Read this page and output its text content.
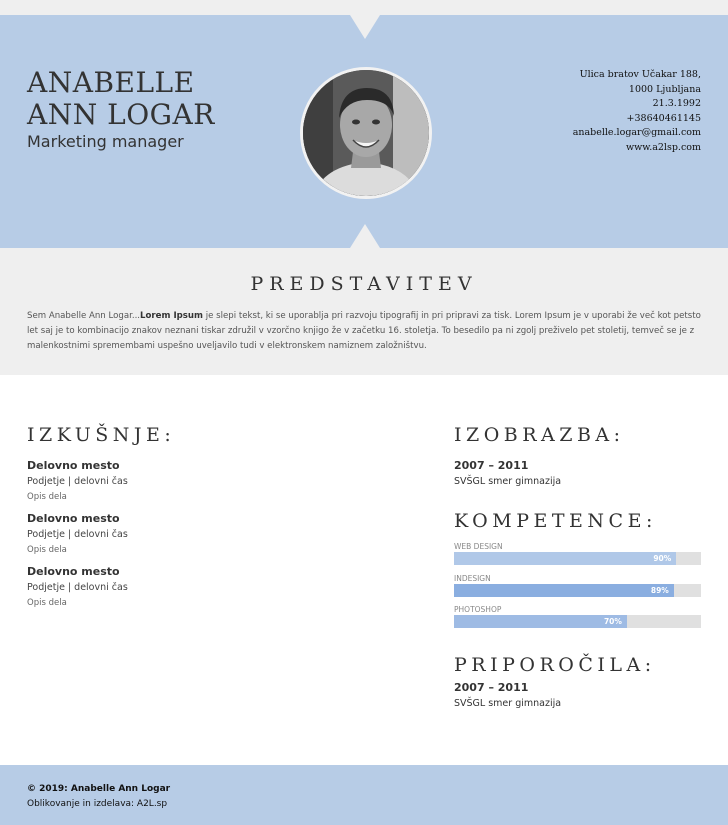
ANABELLE
ANN LOGAR
Marketing manager
Ulica bratov Učakar 188,
1000 Ljubljana
21.3.1992
+38640461145
anabelle.logar@gmail.com
www.a2lsp.com
PREDSTAVITEV
Sem Anabelle Ann Logar...Lorem Ipsum je slepi tekst, ki se uporablja pri razvoju tipografij in pri pripravi za tisk. Lorem Ipsum je v uporabi že več kot petsto let saj je to kombinacijo znakov neznani tiskar združil v vzorčno knjigo že v začetku 16. stoletja. To besedilo pa ni zgolj preživelo pet stoletij, temveč se je z malenkostnimi spremembami uspešno uveljavilo tudi v elektronskem namiznem založništvu.
IZKUŠNJE:
Delovno mesto
Podjetje | delovni čas
Opis dela
Delovno mesto
Podjetje | delovni čas
Opis dela
Delovno mesto
Podjetje | delovni čas
Opis dela
IZOBRAZBA:
2007 – 2011
SVŠGL smer gimnazija
KOMPETENCE:
WEB DESIGN
90%
INDESIGN
89%
PHOTOSHOP
70%
PRIPOROČILA:
2007 – 2011
SVŠGL smer gimnazija
© 2019: Anabelle Ann Logar
Oblikovanje in izdelava: A2L.sp
